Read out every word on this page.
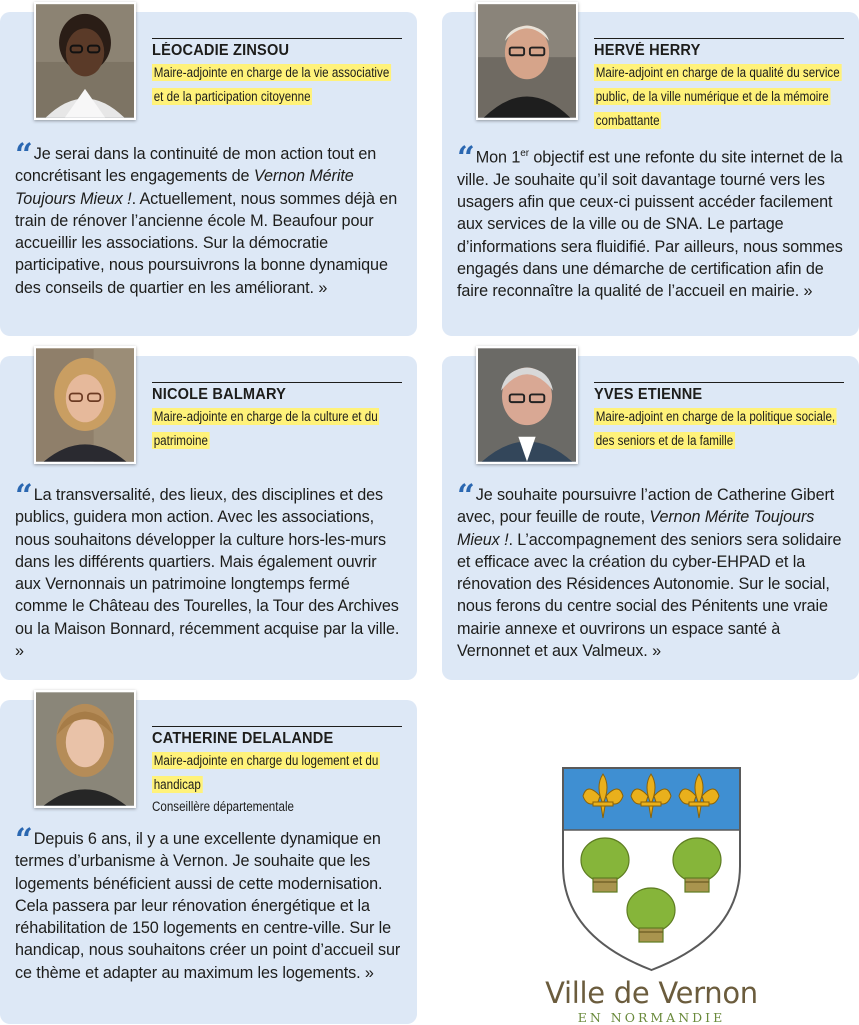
LÉOCADIE ZINSOU
Maire-adjointe en charge de la vie associative et de la participation citoyenne
“Je serai dans la continuité de mon action tout en concrétisant les engagements de Vernon Mérite Toujours Mieux !. Actuellement, nous sommes déjà en train de rénover l’ancienne école M. Beaufour pour accueillir les associations. Sur la démocratie participative, nous poursuivrons la bonne dynamique des conseils de quartier en les améliorant. »
HERVÉ HERRY
Maire-adjoint en charge de la qualité du service public, de la ville numérique et de la mémoire combattante
“Mon 1er objectif est une refonte du site internet de la ville. Je souhaite qu’il soit davantage tourné vers les usagers afin que ceux-ci puissent accéder facilement aux services de la ville ou de SNA. Le partage d’informations sera fluidifié. Par ailleurs, nous sommes engagés dans une démarche de certification afin de faire reconnaître la qualité de l’accueil en mairie. »
NICOLE BALMARY
Maire-adjointe en charge de la culture et du patrimoine
“La transversalité, des lieux, des disciplines et des publics, guidera mon action. Avec les associations, nous souhaitons développer la culture hors-les-murs dans les différents quartiers. Mais également ouvrir aux Vernonnais un patrimoine longtemps fermé comme le Château des Tourelles, la Tour des Archives ou la Maison Bonnard, récemment acquise par la ville. »
YVES ETIENNE
Maire-adjoint en charge de la politique sociale, des seniors et de la famille
“Je souhaite poursuivre l’action de Catherine Gibert avec, pour feuille de route, Vernon Mérite Toujours Mieux !. L’accompagnement des seniors sera solidaire et efficace avec la création du cyber-EHPAD et la rénovation des Résidences Autonomie. Sur le social, nous ferons du centre social des Pénitents une vraie mairie annexe et ouvrirons un espace santé à Vernonnet et aux Valmeux. »
CATHERINE DELALANDE
Maire-adjointe en charge du logement et du handicap
Conseillère départementale
“Depuis 6 ans, il y a une excellente dynamique en termes d’urbanisme à Vernon. Je souhaite que les logements bénéficient aussi de cette modernisation. Cela passera par leur rénovation énergétique et la réhabilitation de 150 logements en centre-ville. Sur le handicap, nous souhaitons créer un point d’accueil sur ce thème et adapter au maximum les logements. »
Ville de Vernon
EN NORMANDIE
